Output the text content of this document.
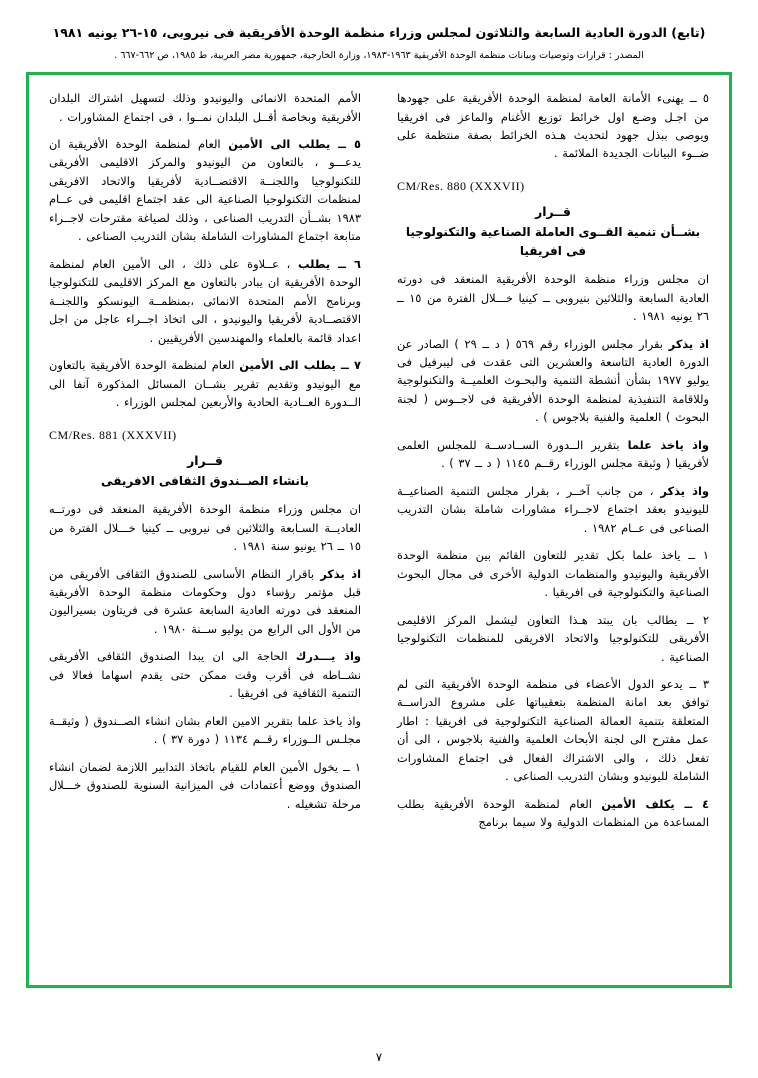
(تابع) الدورة العادية السابعة والثلاثون لمجلس وزراء منظمة الوحدة الأفريقية فى نيروبى، ١٥-٢٦ يونيه ١٩٨١
المصدر : قرارات وتوصيات وبيانات منظمة الوحدة الأفريقية ١٩٦٣-١٩٨٣، وزارة الخارجية، جمهورية مصر العربية، ط ١٩٨٥، ص ٦٦٢-٦٦٧ .

٥ ــ يهنىء الأمانة العامة لمنظمة الوحدة الأفريقية على جهودها من اجـل وضـع اول خرائط توزيع الأغنام والماعز فى افريقيا ويوصى ببذل جهود لتحديث هـذه الخرائط بصفة منتظمة على ضــوء البيانات الجديدة الملائمة .

CM/Res. 880 (XXXVII)
قــرار
بشــأن تنمية القــوى العاملة الصناعية والتكنولوجيا فى افريقيا

ان مجلس وزراء منظمة الوحدة الأفريقية المنعقد فى دورته العادية السابعة والثلاثين بنيروبى ــ كينيا خـــلال الفترة من ١٥ ــ ٢٦ يونيه ١٩٨١ .

اذ يذكر بقرار مجلس الوزراء رقم ٥٦٩ ( د ــ ٢٩ ) الصادر عن الدورة العادية التاسعة والعشرين التى عقدت فى ليبرفيل فى يوليو ١٩٧٧ بشأن أنشطة التنمية والبحـوث العلميــة والتكنولوجية وللاقامة التنفيذية لمنظمة الوحدة الأفريقية فى لاجــوس ( لجنة البحوث ) العلمية والفنية بلاجوس ) .

واذ ياخذ علما بتقرير الــدورة الســادســة للمجلس العلمى لأفريقيا ( وثيقة مجلس الوزراء رقــم ١١٤٥ ( د ــ ٣٧ ) .

واذ يذكر ، من جانب آخــر ، بقرار مجلس التنمية الصناعيــة لليونيدو بعقد اجتماع لاجــراء مشاورات شاملة بشان التدريب الصناعى فى عــام ١٩٨٢ .

١ ــ ياخذ علما بكل تقدير للتعاون القائم بين منظمة الوحدة الأفريقية واليونيدو والمنظمات الدولية الأخرى فى مجال البحوث الصناعية والتكنولوجية فى افريقيا .

٢ ــ يطالب بان يبتد هـذا التعاون ليشمل المركز الاقليمى الأفريقى للتكنولوجيا والاتحاد الافريقى للمنظمات التكنولوجيا الصناعية .

٣ ــ يدعو الدول الأعضاء فى منظمة الوحدة الأفريقية التى لم توافق بعد امانة المنظمة بتعقيباتها على مشروع الدراســة المتعلقة بتنمية العمالة الصناعية التكنولوجية فى افريقيا : اطار عمل مقترح الى لجنة الأبحاث العلمية والفنية بلاجوس ، الى أن تفعل ذلك ، والى الاشتراك الفعال فى اجتماع المشاورات الشاملة لليونيدو وبشان التدريب الصناعى .

٤ ــ يكلف الأمين العام لمنظمة الوحدة الأفريقية بطلب المساعدة من المنظمات الدولية ولا سيما برنامج

الأمم المتحدة الانمائى واليونيدو وذلك لتسهيل اشتراك البلدان الأفريقية وبخاصة أقــل البلدان نمــوا ، فى اجتماع المشاورات .

٥ ــ يطلب الى الأمين العام لمنظمة الوحدة الأفريقية ان يدعـــو ، بالتعاون من اليونيدو والمركز الاقليمى الأفريقى للتكنولوجيا واللجنــة الاقتصــادية لأفريقيا والاتحاد الافريقى لمنظمات التكنولوجيا الصناعية الى عقد اجتماع اقليمى فى عــام ١٩٨٣ بشــأن التدريب الصناعى ، وذلك لصياغة مقترحات لاجــراء متابعة اجتماع المشاورات الشاملة بشان التدريب الصناعى .

٦ ــ يطلب ، عــلاوة على ذلك ، الى الأمين العام لمنظمة الوحدة الأفريقية ان يبادر بالتعاون مع المركز الاقليمى للتكنولوجيا وبرنامج الأمم المتحدة الانمائى ،بمنظمــة اليونسكو واللجنــة الاقتصــادية لأفريقيا واليونيدو ، الى اتخاذ اجــراء عاجل من اجل اعداد قائمة بالعلماء والمهندسين الأفريقيين .

٧ ــ يطلب الى الأمين العام لمنظمة الوحدة الأفريقية بالتعاون مع اليونيدو وتقديم تقرير بشــان المسائل المذكورة آنفا الى الــدورة العــادية الحادية والأربعين لمجلس الوزراء .

CM/Res. 881 (XXXVII)
قــرار
بانشاء الصــندوق الثقافى الافريقى

ان مجلس وزراء منظمة الوحدة الأفريقية المنعقد فى دورتــه العاديــة السـابعة والثلاثين فى نيروبى ــ كينيا خـــلال الفترة من ١٥ ــ ٢٦ يونيو سنة ١٩٨١ .

اذ يذكر باقرار النظام الأساسى للصندوق الثقافى الأفريقى من قبل مؤتمر رؤساء دول وحكومات منظمة الوحدة الأفريقية المنعقد فى دورته العادية السابعة عشرة فى فريتاون بسيراليون من الأول الى الرابع من يوليو ســنة ١٩٨٠ .

واذ يـــدرك الحاجة الى ان يبدا الصندوق الثقافى الأفريقى نشــاطه فى أقرب وقت ممكن حتى يقدم اسهاما فعالا فى التنمية الثقافية فى افريقيا .

واذ ياخذ علما بتقرير الامين العام بشان انشاء الصــندوق ( وثيقــة مجلـس الــوزراء رقــم ١١٣٤ ( دورة ٣٧ ) .

١ ــ يخول الأمين العام للقيام باتخاذ التدابير اللازمة لضمان انشاء الصندوق ووضع أعتمادات فى الميزانية السنوية للصندوق خـــلال مرحلة تشغيله .

٧
